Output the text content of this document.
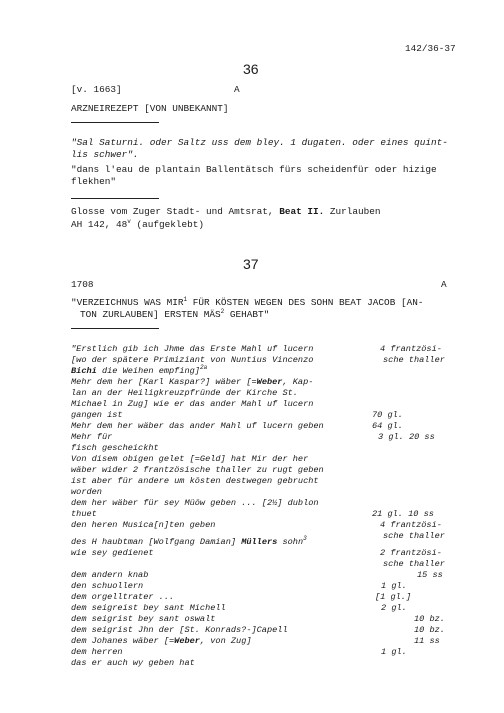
142/36-37
36
[v. 1663]	A
ARZNEIREZEPT [VON UNBEKANNT]
"Sal Saturni. oder Saltz uss dem bley. 1 dugaten. oder eines quint-
lis schwer".
"dans l'eau de plantain Ballentätsch fürs scheidenfür oder hizige
flekhen"
Glosse vom Zuger Stadt- und Amtsrat, Beat II. Zurlauben
AH 142, 48$^v$ (aufgeklebt)
37
1708	A
"VERZEICHNUS WAS MIR$^1$ FÜR KÖSTEN WEGEN DES SOHN BEAT JACOB [AN-
TON ZURLAUBEN] ERSTEN MÄS$^2$ GEHABT"
"Erstlich gib ich Jhme das Erste Mahl uf lucern
[wo der spätere Primiziant von Nuntius Vincenzo
Bichi die Weihen empfing]$^{2a}$
Mehr dem her [Karl Kaspar?] wäber [=Weber, Kap-
lan an der Heiligkreuzpfründe der Kirche St.
Michael in Zug] wie er das ander Mahl uf lucern
gangen ist
Mehr dem her wäber das ander Mahl uf lucern geben
Mehr für
fisch gescheickht
Von disem obigen gelet [=Geld] hat Mir der her
wäber wider 2 frantzösische thaller zu rugt geben
ist aber für andere um kösten destwegen gebrucht
worden
dem her wäber für sey Müöw geben ... [2½] dublon
thuet
den heren Musica[n]ten geben
des H haubtman [Wolfgang Damian] Müllers sohn$^3$
wie sey gedienet
dem andern knab
den schuollern
dem orgelltrater ...
dem seigreist bey sant Michell
dem seigrist bey sant oswalt
dem seigrist Jhn der [St. Konrads?-]Capell
dem Johanes wäber [=Weber, von Zug]
dem herren
das er auch wy geben hat
4 frantzösi-
sche thaller
70 gl.
64 gl.
3 gl. 20 ss
21 gl. 10 ss
4 frantzösi-
sche thaller
2 frantzösi-
sche thaller
15 ss
1 gl.
[1 gl.]
2 gl.
10 bz.
10 bz.
11 ss
1 gl.
